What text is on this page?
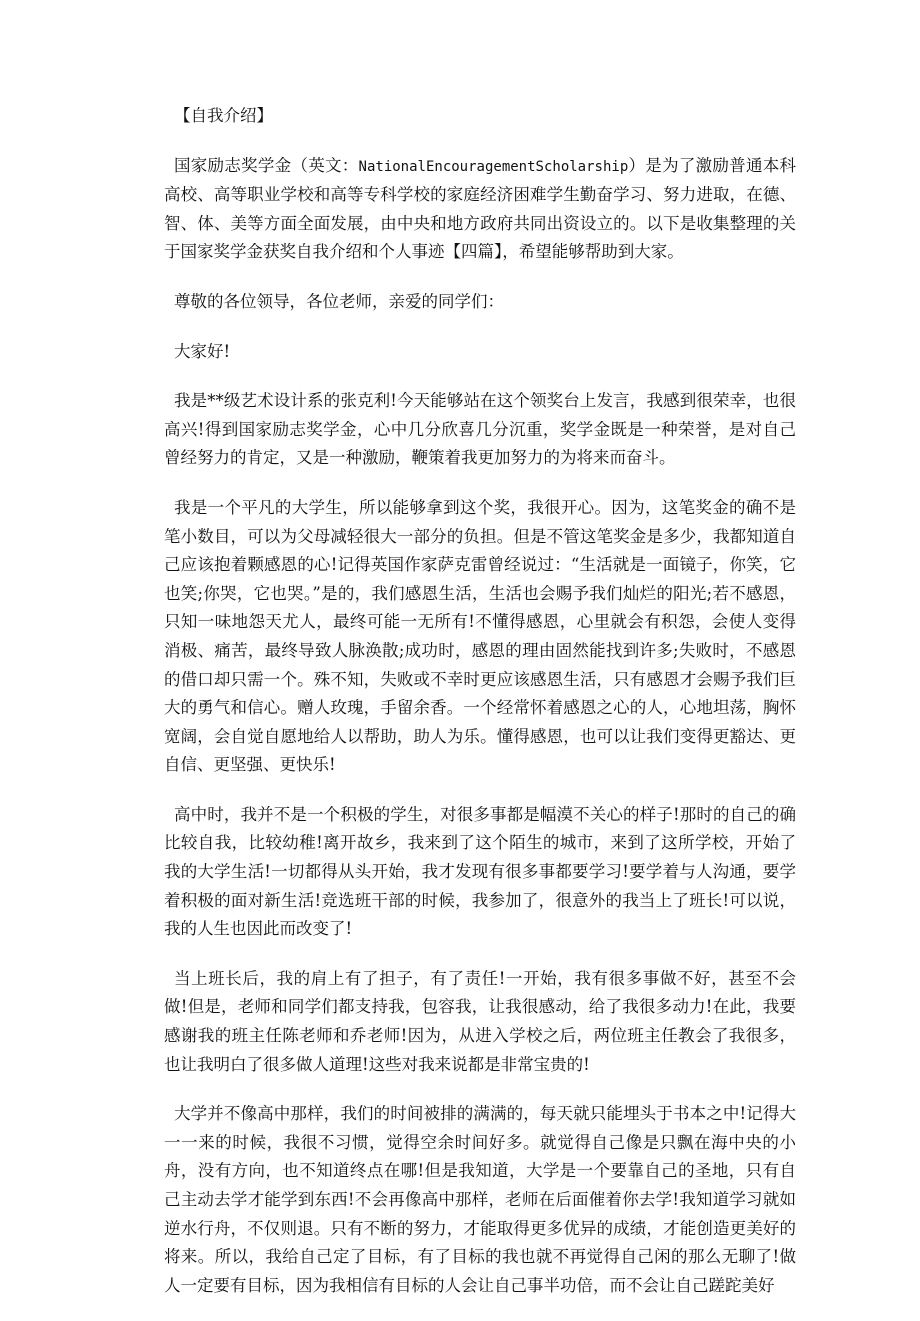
【自我介绍】

国家励志奖学金（英文：NationalEncouragementScholarship）是为了激励普通本科高校、高等职业学校和高等专科学校的家庭经济困难学生勤奋学习、努力进取，在德、智、体、美等方面全面发展，由中央和地方政府共同出资设立的。以下是收集整理的关于国家奖学金获奖自我介绍和个人事迹【四篇】，希望能够帮助到大家。

尊敬的各位领导，各位老师，亲爱的同学们：

大家好!

我是**级艺术设计系的张克利!今天能够站在这个领奖台上发言，我感到很荣幸，也很高兴!得到国家励志奖学金，心中几分欣喜几分沉重，奖学金既是一种荣誉，是对自己曾经努力的肯定，又是一种激励，鞭策着我更加努力的为将来而奋斗。

我是一个平凡的大学生，所以能够拿到这个奖，我很开心。因为，这笔奖金的确不是笔小数目，可以为父母减轻很大一部分的负担。但是不管这笔奖金是多少，我都知道自己应该抱着颗感恩的心!记得英国作家萨克雷曾经说过：“生活就是一面镜子，你笑，它也笑;你哭，它也哭。”是的，我们感恩生活，生活也会赐予我们灿烂的阳光;若不感恩，只知一味地怨天尤人，最终可能一无所有!不懂得感恩，心里就会有积怨，会使人变得消极、痛苦，最终导致人脉涣散;成功时，感恩的理由固然能找到许多;失败时，不感恩的借口却只需一个。殊不知，失败或不幸时更应该感恩生活，只有感恩才会赐予我们巨大的勇气和信心。赠人玫瑰，手留余香。一个经常怀着感恩之心的人，心地坦荡，胸怀宽阔，会自觉自愿地给人以帮助，助人为乐。懂得感恩，也可以让我们变得更豁达、更自信、更坚强、更快乐!

高中时，我并不是一个积极的学生，对很多事都是幅漠不关心的样子!那时的自己的确比较自我，比较幼稚!离开故乡，我来到了这个陌生的城市，来到了这所学校，开始了我的大学生活!一切都得从头开始，我才发现有很多事都要学习!要学着与人沟通，要学着积极的面对新生活!竞选班干部的时候，我参加了，很意外的我当上了班长!可以说，我的人生也因此而改变了!

当上班长后，我的肩上有了担子，有了责任!一开始，我有很多事做不好，甚至不会做!但是，老师和同学们都支持我，包容我，让我很感动，给了我很多动力!在此，我要感谢我的班主任陈老师和乔老师!因为，从进入学校之后，两位班主任教会了我很多，也让我明白了很多做人道理!这些对我来说都是非常宝贵的!

大学并不像高中那样，我们的时间被排的满满的，每天就只能埋头于书本之中!记得大一一来的时候，我很不习惯，觉得空余时间好多。就觉得自己像是只飘在海中央的小舟，没有方向，也不知道终点在哪!但是我知道，大学是一个要靠自己的圣地，只有自己主动去学才能学到东西!不会再像高中那样，老师在后面催着你去学!我知道学习就如逆水行舟，不仅则退。只有不断的努力，才能取得更多优异的成绩，才能创造更美好的将来。所以，我给自己定了目标，有了目标的我也就不再觉得自己闲的那么无聊了!做人一定要有目标，因为我相信有目标的人会让自己事半功倍，而不会让自己蹉跎美好
